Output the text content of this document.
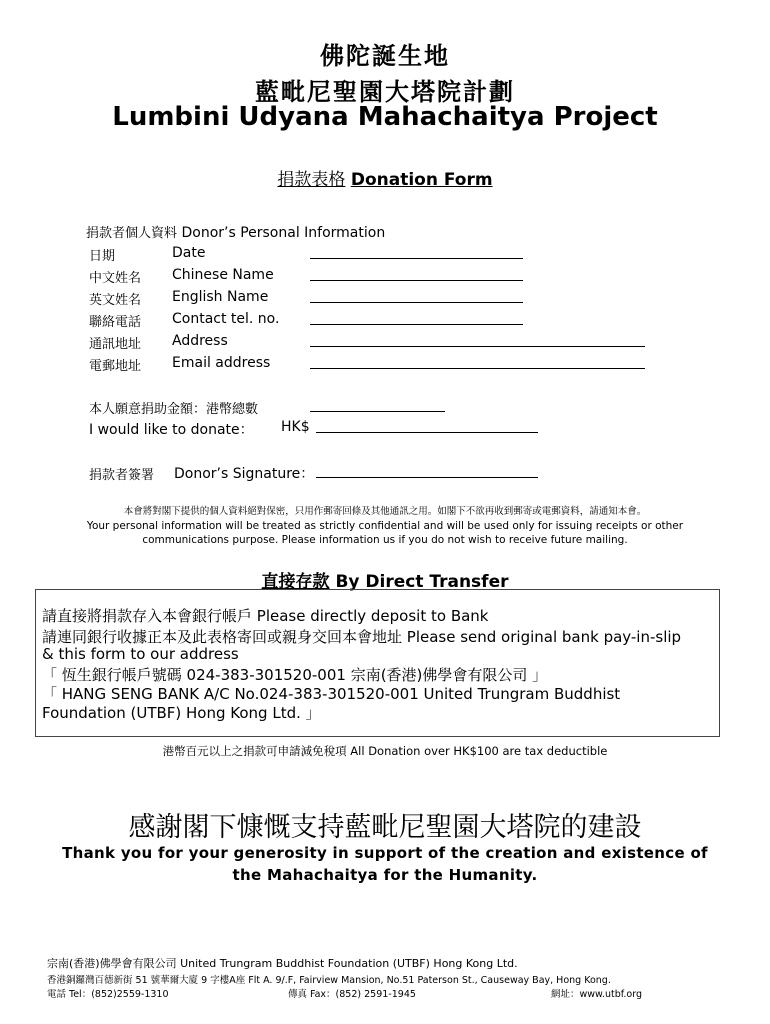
佛陀誕生地
藍毗尼聖園大塔院計劃
Lumbini Udyana Mahachaitya Project
捐款表格 Donation Form
捐款者個人資料 Donor’s Personal Information
日期	Date
中文姓名 Chinese Name
英文姓名 English Name
聯絡電話 Contact tel. no.
通訊地址 Address
電郵地址 Email address
本人願意捐助金額：港幣總數
I would like to donate： HK$
捐款者簽署 Donor’s Signature：
本會將對閣下提供的個人資料絕對保密，只用作郵寄回條及其他通訊之用。如閣下不欲再收到郵寄或電郵資料，請通知本會。
Your personal information will be treated as strictly confidential and will be used only for issuing receipts or other
communications purpose. Please information us if you do not wish to receive future mailing.
直接存款 By Direct Transfer
請直接將捐款存入本會銀行帳戶 Please directly deposit to Bank
請連同銀行收據正本及此表格寄回或親身交回本會地址 Please send original bank pay-in-slip
& this form to our address
「 恆生銀行帳戶號碼 024-383-301520-001 宗南(香港)佛學會有限公司 」
「 HANG SENG BANK A/C No.024-383-301520-001 United Trungram Buddhist
Foundation (UTBF) Hong Kong Ltd. 」
港幣百元以上之捐款可申請減免稅項 All Donation over HK$100 are tax deductible
感謝閣下慷慨支持藍毗尼聖園大塔院的建設
Thank you for your generosity in support of the creation and existence of
the Mahachaitya for the Humanity.
宗南(香港)佛學會有限公司 United Trungram Buddhist Foundation (UTBF) Hong Kong Ltd.
香港銅鑼灣百德新街 51 號華爾大廈 9 字樓A座 Flt A. 9/.F, Fairview Mansion, No.51 Paterson St., Causeway Bay, Hong Kong.
電話 Tel：(852)2559-1310	傳真 Fax：(852) 2591-1945	網址：www.utbf.org
